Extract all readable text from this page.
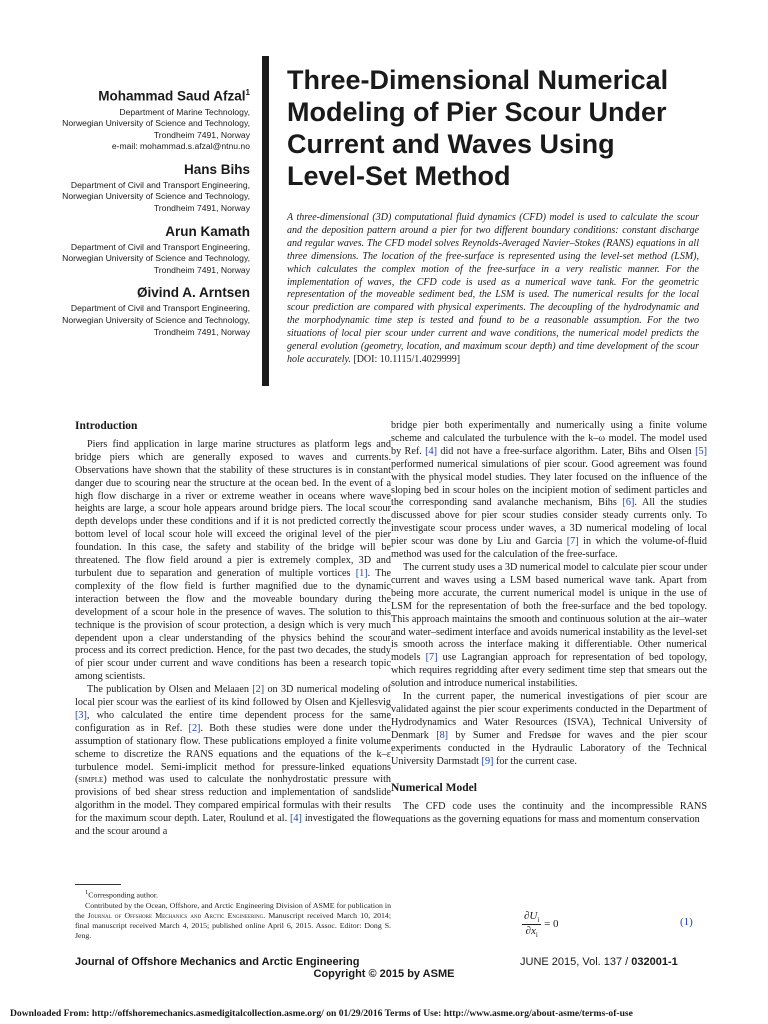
Mohammad Saud Afzal$^1$
Department of Marine Technology,
Norwegian University of Science and Technology,
Trondheim 7491, Norway
e-mail: mohammad.s.afzal@ntnu.no
Hans Bihs
Department of Civil and Transport Engineering,
Norwegian University of Science and Technology,
Trondheim 7491, Norway
Arun Kamath
Department of Civil and Transport Engineering,
Norwegian University of Science and Technology,
Trondheim 7491, Norway
Øivind A. Arntsen
Department of Civil and Transport Engineering,
Norwegian University of Science and Technology,
Trondheim 7491, Norway
Three-Dimensional Numerical
Modeling of Pier Scour Under
Current and Waves Using
Level-Set Method
A three-dimensional (3D) computational fluid dynamics (CFD) model is used to calculate the scour and the deposition pattern around a pier for two different boundary conditions: constant discharge and regular waves. The CFD model solves Reynolds-Averaged Navier–Stokes (RANS) equations in all three dimensions. The location of the free-surface is represented using the level-set method (LSM), which calculates the complex motion of the free-surface in a very realistic manner. For the implementation of waves, the CFD code is used as a numerical wave tank. For the geometric representation of the moveable sediment bed, the LSM is used. The numerical results for the local scour prediction are compared with physical experiments. The decoupling of the hydrodynamic and the morphodynamic time step is tested and found to be a reasonable assumption. For the two situations of local pier scour under current and wave conditions, the numerical model predicts the general evolution (geometry, location, and maximum scour depth) and time development of the scour hole accurately. [DOI: 10.1115/1.4029999]
Introduction

Piers find application in large marine structures as platform legs and bridge piers which are generally exposed to waves and currents. Observations have shown that the stability of these structures is in constant danger due to scouring near the structure at the ocean bed. In the event of a high flow discharge in a river or extreme weather in oceans where wave heights are large, a scour hole appears around bridge piers. The local scour depth develops under these conditions and if it is not predicted correctly the bottom level of local scour hole will exceed the original level of the pier foundation. In this case, the safety and stability of the bridge will be threatened. The flow field around a pier is extremely complex, 3D and turbulent due to separation and generation of multiple vortices [1]. The complexity of the flow field is further magnified due to the dynamic interaction between the flow and the moveable boundary during the development of a scour hole in the presence of waves. The solution to this technique is the provision of scour protection, a design which is very much dependent upon a clear understanding of the physics behind the scour process and its correct prediction. Hence, for the past two decades, the study of pier scour under current and wave conditions has been a research topic among scientists.

The publication by Olsen and Melaaen [2] on 3D numerical modeling of local pier scour was the earliest of its kind followed by Olsen and Kjellesvig [3], who calculated the entire time dependent process for the same configuration as in Ref. [2]. Both these studies were done under the assumption of stationary flow. These publications employed a finite volume scheme to discretize the RANS equations and the equations of the k–ε turbulence model. Semi-implicit method for pressure-linked equations (simple) method was used to calculate the nonhydrostatic pressure with provisions of bed shear stress reduction and implementation of sandslide algorithm in the model. They compared empirical formulas with their results for the maximum scour depth. Later, Roulund et al. [4] investigated the flow and the scour around a

bridge pier both experimentally and numerically using a finite volume scheme and calculated the turbulence with the k–ω model. The model used by Ref. [4] did not have a free-surface algorithm. Later, Bihs and Olsen [5] performed numerical simulations of pier scour. Good agreement was found with the physical model studies. They later focused on the influence of the sloping bed in scour holes on the incipient motion of sediment particles and the corresponding sand avalanche mechanism, Bihs [6]. All the studies discussed above for pier scour studies consider steady currents only. To investigate scour process under waves, a 3D numerical modeling of local pier scour was done by Liu and Garcia [7] in which the volume-of-fluid method was used for the calculation of the free-surface.

The current study uses a 3D numerical model to calculate pier scour under current and waves using a LSM based numerical wave tank. Apart from being more accurate, the current numerical model is unique in the use of LSM for the representation of both the free-surface and the bed topology. This approach maintains the smooth and continuous solution at the air–water and water–sediment interface and avoids numerical instability as the level-set is smooth across the interface making it differentiable. Other numerical models [7] use Lagrangian approach for representation of bed topology, which requires regridding after every sediment time step that smears out the solution and introduce numerical instabilities.

In the current paper, the numerical investigations of pier scour are validated against the pier scour experiments conducted in the Department of Hydrodynamics and Water Resources (ISVA), Technical University of Denmark [8] by Sumer and Fredsøe for waves and the pier scour experiments conducted in the Hydraulic Laboratory of the Technical University Darmstadt [9] for the current case.

Numerical Model

The CFD code uses the continuity and the incompressible RANS equations as the governing equations for mass and momentum conservation

$\frac{\partial U_i}{\partial x_i} = 0$	(1)

$^1$Corresponding author.

Contributed by the Ocean, Offshore, and Arctic Engineering Division of ASME for publication in the Journal of Offshore Mechanics and Arctic Engineering. Manuscript received March 10, 2014; final manuscript received March 4, 2015; published online April 6, 2015. Assoc. Editor: Dong S. Jeng.

Journal of Offshore Mechanics and Arctic Engineering	JUNE 2015, Vol. 137 / 032001-1
Copyright © 2015 by ASME
Downloaded From: http://offshoremechanics.asmedigitalcollection.asme.org/ on 01/29/2016 Terms of Use: http://www.asme.org/about-asme/terms-of-use
